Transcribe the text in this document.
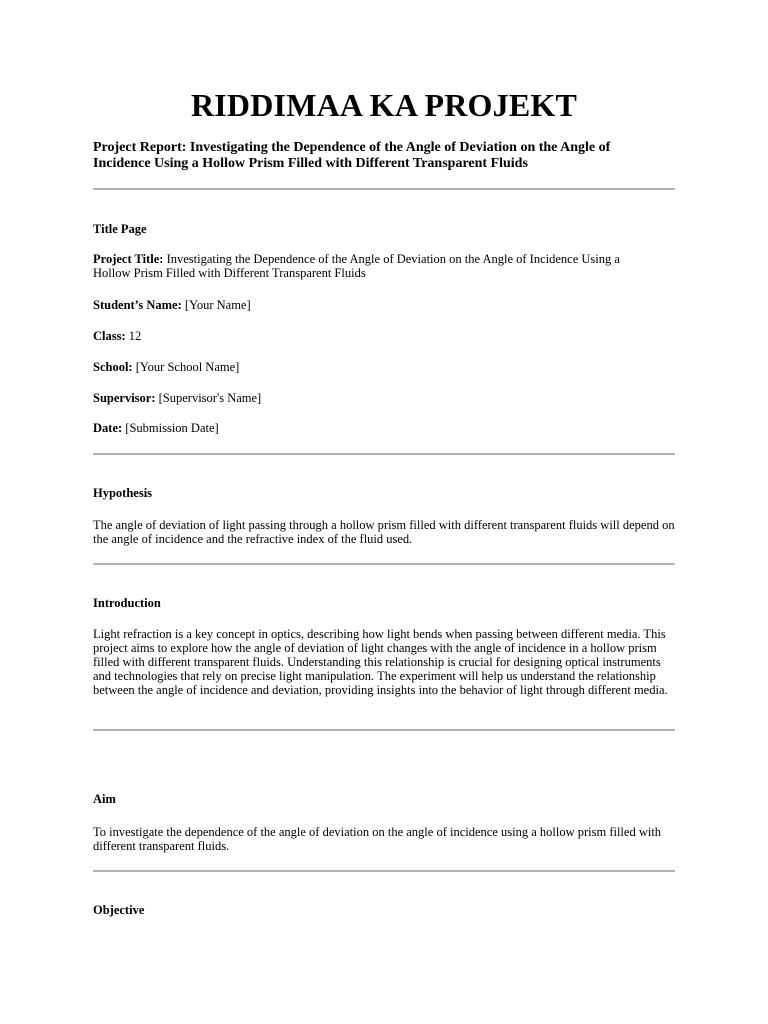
RIDDIMAA KA PROJEKT

Project Report: Investigating the Dependence of the Angle of Deviation on the Angle of Incidence Using a Hollow Prism Filled with Different Transparent Fluids

Title Page

Project Title: Investigating the Dependence of the Angle of Deviation on the Angle of Incidence Using a Hollow Prism Filled with Different Transparent Fluids

Student’s Name: [Your Name]

Class: 12

School: [Your School Name]

Supervisor: [Supervisor's Name]

Date: [Submission Date]

Hypothesis

The angle of deviation of light passing through a hollow prism filled with different transparent fluids will depend on the angle of incidence and the refractive index of the fluid used.

Introduction

Light refraction is a key concept in optics, describing how light bends when passing between different media. This project aims to explore how the angle of deviation of light changes with the angle of incidence in a hollow prism filled with different transparent fluids. Understanding this relationship is crucial for designing optical instruments and technologies that rely on precise light manipulation. The experiment will help us understand the relationship between the angle of incidence and deviation, providing insights into the behavior of light through different media.

Aim

To investigate the dependence of the angle of deviation on the angle of incidence using a hollow prism filled with different transparent fluids.

Objective
